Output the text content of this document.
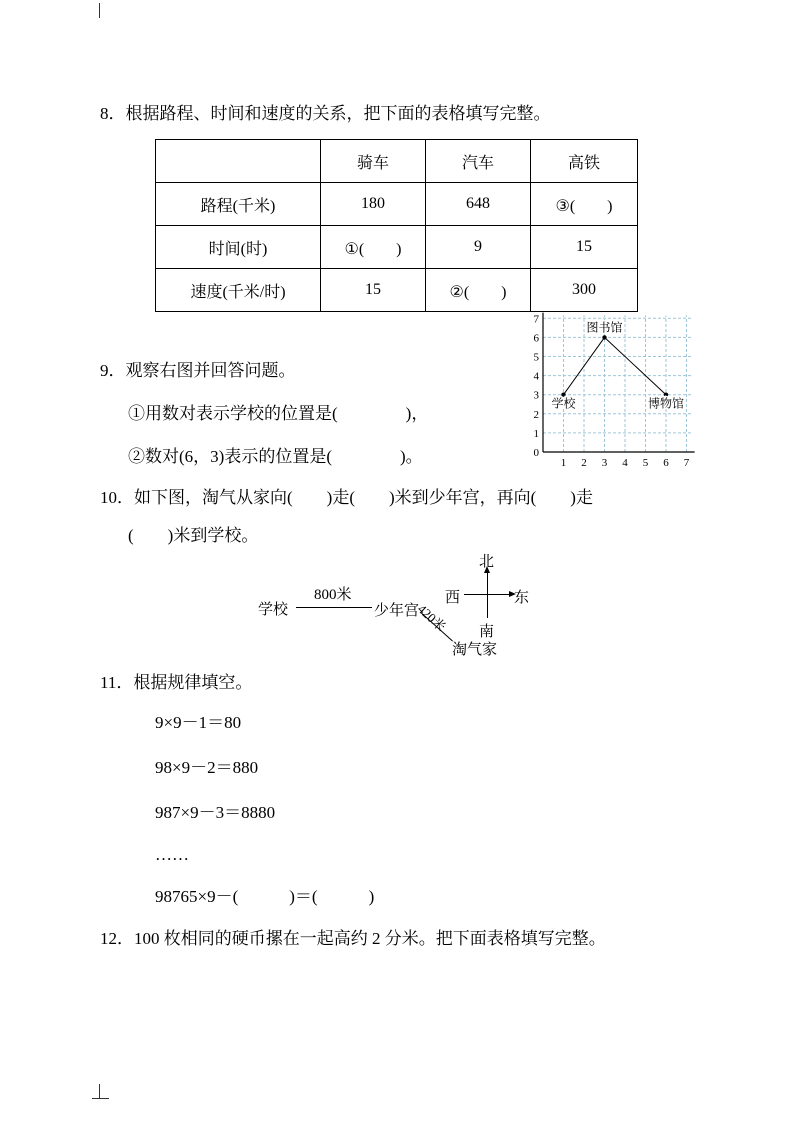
8．根据路程、时间和速度的关系，把下面的表格填写完整。
	骑车	汽车	高铁
路程(千米)	180	648	③(　　)
时间(时)	①(　　)	9	15
速度(千米/时)	15	②(　　)	300
0
1
2
3
4
5
6
7
1 2 3 4 5 6 7
图书馆
学校	博物馆
9．观察右图并回答问题。
①用数对表示学校的位置是(　　　　)，
②数对(6，3)表示的位置是(　　　　)。
10．如下图，淘气从家向(　　)走(　　)米到少年宫，再向(　　)走
(　　)米到学校。
学校
800米
少年宫
420米
淘气家
北
南
西	东
11．根据规律填空。
9×9－1＝80
98×9－2＝880
987×9－3＝8880
……
98765×9－(　　　)＝(　　　)
12．100 枚相同的硬币摞在一起高约 2 分米。把下面表格填写完整。
